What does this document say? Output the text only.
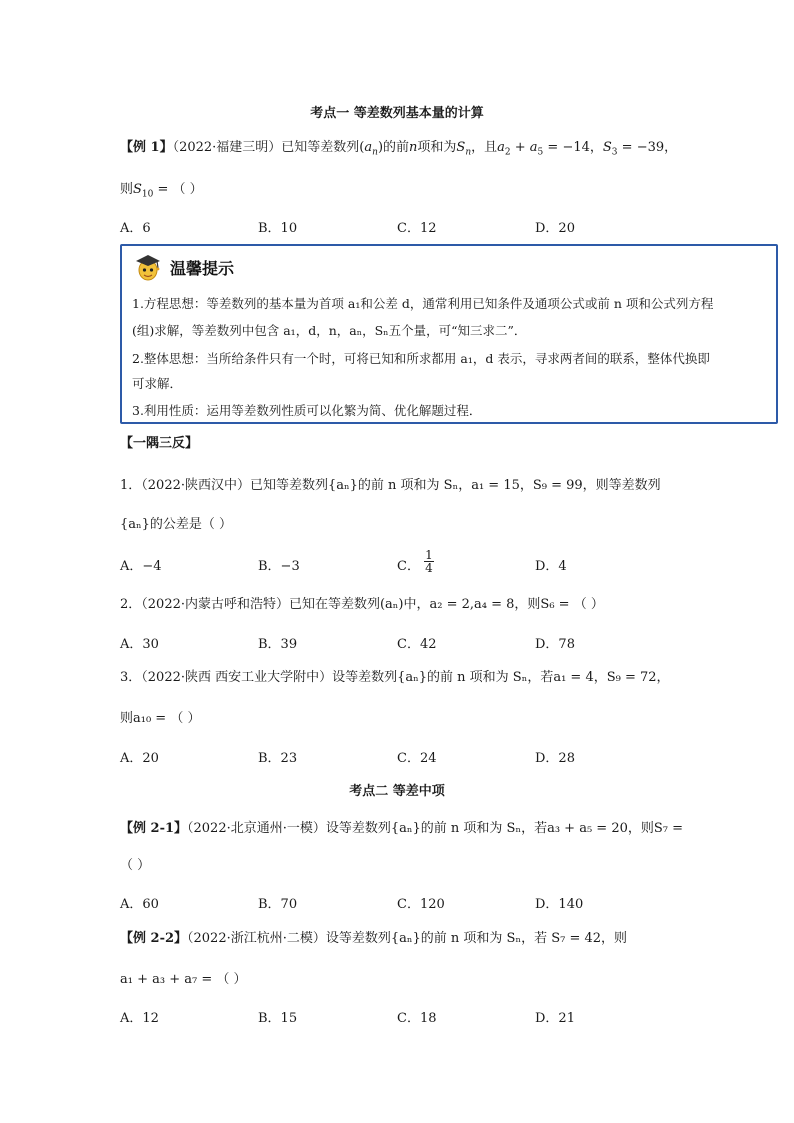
考点一 等差数列基本量的计算
【例 1】（2022·福建三明）已知等差数列$(a_n)$的前n项和为$S_n$，且$a_2 + a_5 = -14$，$S_3 = -39$，
则$S_{10}$ = （ ）
A．6	B．10	C．12	D．20
温馨提示
1.方程思想：等差数列的基本量为首项 a₁和公差 d，通常利用已知条件及通项公式或前 n 项和公式列方程
(组)求解，等差数列中包含 a₁，d，n，aₙ，Sₙ五个量，可“知三求二”．
2.整体思想：当所给条件只有一个时，可将已知和所求都用 a₁，d 表示，寻求两者间的联系，整体代换即
可求解．
3.利用性质：运用等差数列性质可以化繁为简、优化解题过程．
【一隅三反】
1．（2022·陕西汉中）已知等差数列{aₙ}的前 n 项和为 Sₙ，a₁ = 15，S₉ = 99，则等差数列
{aₙ}的公差是（ ）
A．−4	B．−3	C． $\frac{1}{4}$	D．4
2．（2022·内蒙古呼和浩特）已知在等差数列(aₙ)中，a₂ = 2,a₄ = 8，则S₆ = （ ）
A．30	B．39	C．42	D．78
3．（2022·陕西 西安工业大学附中）设等差数列{aₙ}的前 n 项和为 Sₙ，若a₁ = 4，S₉ = 72，
则a₁₀ = （ ）
A．20	B．23	C．24	D．28
考点二 等差中项
【例 2-1】（2022·北京通州·一模）设等差数列{aₙ}的前 n 项和为 Sₙ，若a₃ + a₅ = 20，则S₇ =
（ ）
A．60	B．70	C．120	D．140
【例 2-2】（2022·浙江杭州·二模）设等差数列{aₙ}的前 n 项和为 Sₙ，若 S₇ = 42，则
a₁ + a₃ + a₇ = （ ）
A．12	B．15	C．18	D．21
